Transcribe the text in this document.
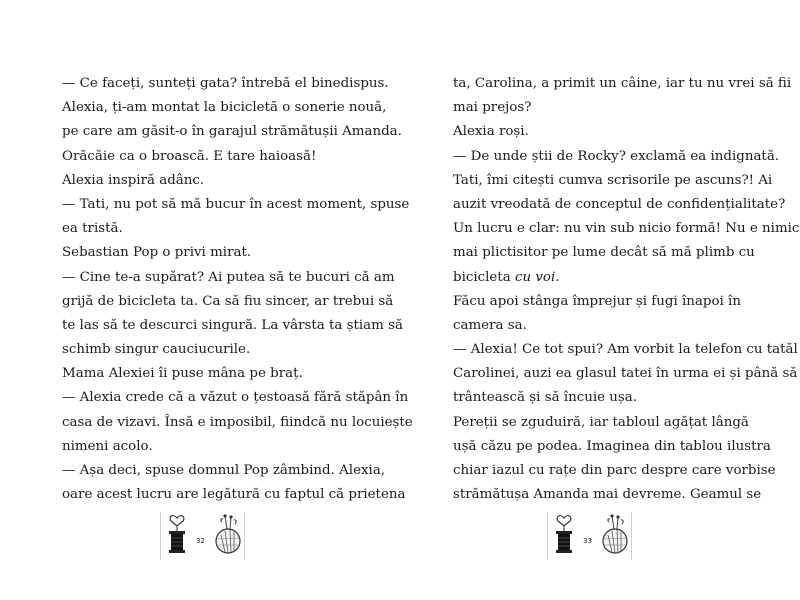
— Ce faceți, sunteți gata? întrebă el binedispus.
Alexia, ți-am montat la bicicletă o sonerie nouă,
pe care am găsit-o în garajul strămătușii Amanda.
Orăcăie ca o broască. E tare haioasă!
Alexia inspiră adânc.
— Tati, nu pot să mă bucur în acest moment, spuse
ea tristă.
Sebastian Pop o privi mirat.
— Cine te-a supărat? Ai putea să te bucuri că am
grijă de bicicleta ta. Ca să fiu sincer, ar trebui să
te las să te descurci singură. La vârsta ta știam să
schimb singur cauciucurile.
Mama Alexiei îi puse mâna pe braț.
— Alexia crede că a văzut o țestoasă fără stăpân în
casa de vizavi. Însă e imposibil, fiindcă nu locuiește
nimeni acolo.
— Așa deci, spuse domnul Pop zâmbind. Alexia,
oare acest lucru are legătură cu faptul că prietena
32
ta, Carolina, a primit un câine, iar tu nu vrei să fii
mai prejos?
Alexia roși.
— De unde știi de Rocky? exclamă ea indignată.
Tati, îmi citești cumva scrisorile pe ascuns?! Ai
auzit vreodată de conceptul de confidențialitate?
Un lucru e clar: nu vin sub nicio formă! Nu e nimic
mai plictisitor pe lume decât să mă plimb cu
bicicleta cu voi.
Făcu apoi stânga împrejur și fugi înapoi în
camera sa.
— Alexia! Ce tot spui? Am vorbit la telefon cu tatăl
Carolinei, auzi ea glasul tatei în urma ei și până să
trântească și să încuie ușa.
Pereții se zguduiră, iar tabloul agățat lângă
ușă căzu pe podea. Imaginea din tablou ilustra
chiar iazul cu rațe din parc despre care vorbise
strămătușa Amanda mai devreme. Geamul se
33
